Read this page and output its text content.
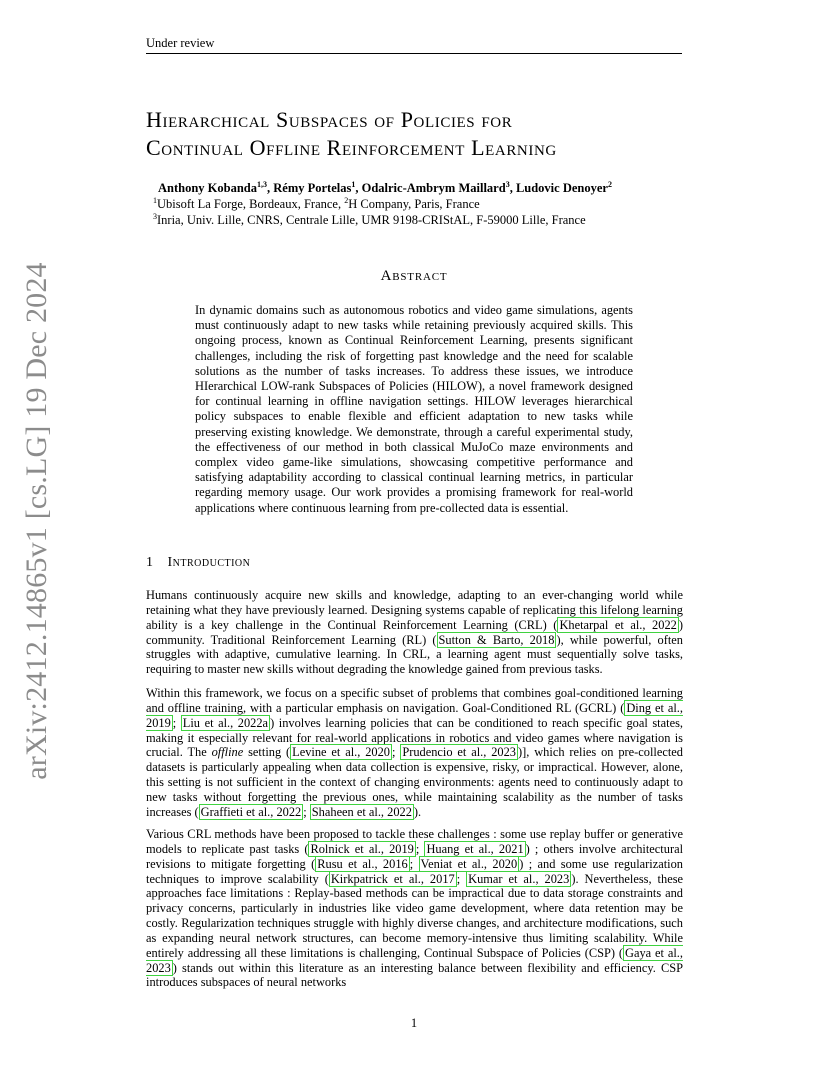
Under review
arXiv:2412.14865v1 [cs.LG] 19 Dec 2024
Hierarchical Subspaces of Policies for
Continual Offline Reinforcement Learning
Anthony Kobanda$^{1,3}$, Rémy Portelas$^1$, Odalric-Ambrym Maillard$^3$, Ludovic Denoyer$^2$
$^1$Ubisoft La Forge, Bordeaux, France, $^2$H Company, Paris, France
$^3$Inria, Univ. Lille, CNRS, Centrale Lille, UMR 9198-CRIStAL, F-59000 Lille, France
Abstract
In dynamic domains such as autonomous robotics and video game simulations, agents must continuously adapt to new tasks while retaining previously acquired skills. This ongoing process, known as Continual Reinforcement Learning, presents significant challenges, including the risk of forgetting past knowledge and the need for scalable solutions as the number of tasks increases. To address these issues, we introduce HIerarchical LOW-rank Subspaces of Policies (HILOW), a novel framework designed for continual learning in offline navigation settings. HILOW leverages hierarchical policy subspaces to enable flexible and efficient adaptation to new tasks while preserving existing knowledge. We demonstrate, through a careful experimental study, the effectiveness of our method in both classical MuJoCo maze environments and complex video game-like simulations, showcasing competitive performance and satisfying adaptability according to classical continual learning metrics, in particular regarding memory usage. Our work provides a promising framework for real-world applications where continuous learning from pre-collected data is essential.
1 Introduction

Humans continuously acquire new skills and knowledge, adapting to an ever-changing world while retaining what they have previously learned. Designing systems capable of replicating this lifelong learning ability is a key challenge in the Continual Reinforcement Learning (CRL) ( Khetarpal et al., 2022 ) community. Traditional Reinforcement Learning (RL) ( Sutton & Barto, 2018 ), while powerful, often struggles with adaptive, cumulative learning. In CRL, a learning agent must sequentially solve tasks, requiring to master new skills without degrading the knowledge gained from previous tasks.

Within this framework, we focus on a specific subset of problems that combines goal-conditioned learning and offline training, with a particular emphasis on navigation. Goal-Conditioned RL (GCRL) ( Ding et al., 2019 ; Liu et al., 2022a ) involves learning policies that can be conditioned to reach specific goal states, making it especially relevant for real-world applications in robotics and video games where navigation is crucial. The offline setting ( Levine et al., 2020 ; Prudencio et al., 2023 )], which relies on pre-collected datasets is particularly appealing when data collection is expensive, risky, or impractical. However, alone, this setting is not sufficient in the context of changing environments: agents need to continuously adapt to new tasks without forgetting the previous ones, while maintaining scalability as the number of tasks increases ( Graffieti et al., 2022 ; Shaheen et al., 2022 ).

Various CRL methods have been proposed to tackle these challenges : some use replay buffer or generative models to replicate past tasks ( Rolnick et al., 2019 ; Huang et al., 2021 ) ; others involve architectural revisions to mitigate forgetting ( Rusu et al., 2016 ; Veniat et al., 2020 ) ; and some use regularization techniques to improve scalability ( Kirkpatrick et al., 2017 ; Kumar et al., 2023 ). Nevertheless, these approaches face limitations : Replay-based methods can be impractical due to data storage constraints and privacy concerns, particularly in industries like video game development, where data retention may be costly. Regularization techniques struggle with highly diverse changes, and architecture modifications, such as expanding neural network structures, can become memory-intensive thus limiting scalability. While entirely addressing all these limitations is challenging, Continual Subspace of Policies (CSP) ( Gaya et al., 2023 ) stands out within this literature as an interesting balance between flexibility and efficiency. CSP introduces subspaces of neural networks

1
